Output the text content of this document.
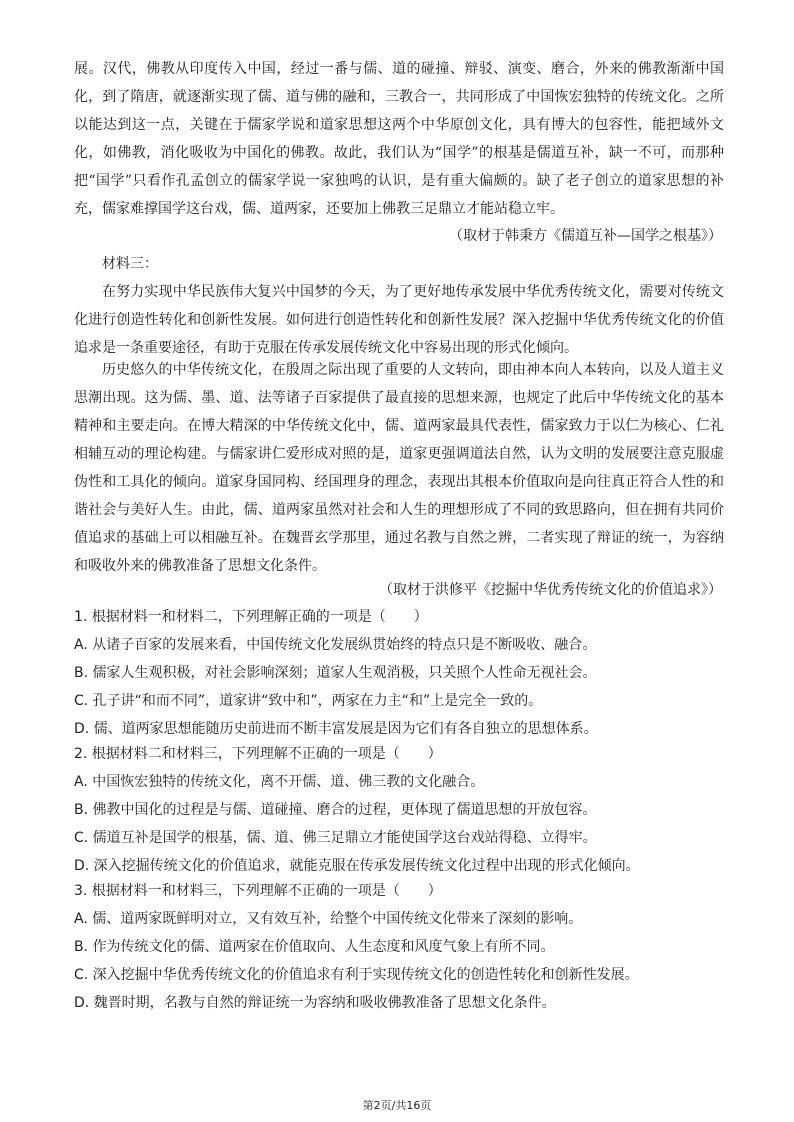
展。汉代，佛教从印度传入中国，经过一番与儒、道的碰撞、辩驳、演变、磨合，外来的佛教渐渐中国化，到了隋唐，就逐渐实现了儒、道与佛的融和，三教合一，共同形成了中国恢宏独特的传统文化。之所以能达到这一点，关键在于儒家学说和道家思想这两个中华原创文化，具有博大的包容性，能把域外文化，如佛教，消化吸收为中国化的佛教。故此，我们认为“国学”的根基是儒道互补，缺一不可，而那种把“国学”只看作孔孟创立的儒家学说一家独鸣的认识，是有重大偏颇的。缺了老子创立的道家思想的补充，儒家难撑国学这台戏，儒、道两家，还要加上佛教三足鼎立才能站稳立牢。

（取材于韩秉方《儒道互补—国学之根基》）

材料三：

在努力实现中华民族伟大复兴中国梦的今天，为了更好地传承发展中华优秀传统文化，需要对传统文化进行创造性转化和创新性发展。如何进行创造性转化和创新性发展？深入挖掘中华优秀传统文化的价值追求是一条重要途径，有助于克服在传承发展传统文化中容易出现的形式化倾向。

历史悠久的中华传统文化，在殷周之际出现了重要的人文转向，即由神本向人本转向，以及人道主义思潮出现。这为儒、墨、道、法等诸子百家提供了最直接的思想来源，也规定了此后中华传统文化的基本精神和主要走向。在博大精深的中华传统文化中，儒、道两家最具代表性，儒家致力于以仁为核心、仁礼相辅互动的理论构建。与儒家讲仁爱形成对照的是，道家更强调道法自然，认为文明的发展要注意克服虚伪性和工具化的倾向。道家身国同构、经国理身的理念，表现出其根本价值取向是向往真正符合人性的和谐社会与美好人生。由此，儒、道两家虽然对社会和人生的理想形成了不同的致思路向，但在拥有共同价值追求的基础上可以相融互补。在魏晋玄学那里，通过名教与自然之辨，二者实现了辩证的统一，为容纳和吸收外来的佛教准备了思想文化条件。

（取材于洪修平《挖掘中华优秀传统文化的价值追求》）

1. 根据材料一和材料二，下列理解正确的一项是（　　）

A. 从诸子百家的发展来看，中国传统文化发展纵贯始终的特点只是不断吸收、融合。

B. 儒家人生观积极，对社会影响深刻；道家人生观消极，只关照个人性命无视社会。

C. 孔子讲“和而不同”，道家讲“致中和”，两家在力主“和”上是完全一致的。

D. 儒、道两家思想能随历史前进而不断丰富发展是因为它们有各自独立的思想体系。

2. 根据材料二和材料三，下列理解不正确的一项是（　　）

A. 中国恢宏独特的传统文化，离不开儒、道、佛三教的文化融合。

B. 佛教中国化的过程是与儒、道碰撞、磨合的过程，更体现了儒道思想的开放包容。

C. 儒道互补是国学的根基，儒、道、佛三足鼎立才能使国学这台戏站得稳、立得牢。

D. 深入挖掘传统文化的价值追求，就能克服在传承发展传统文化过程中出现的形式化倾向。

3. 根据材料一和材料三，下列理解不正确的一项是（　　）

A. 儒、道两家既鲜明对立，又有效互补，给整个中国传统文化带来了深刻的影响。

B. 作为传统文化的儒、道两家在价值取向、人生态度和风度气象上有所不同。

C. 深入挖掘中华优秀传统文化的价值追求有利于实现传统文化的创造性转化和创新性发展。

D. 魏晋时期，名教与自然的辩证统一为容纳和吸收佛教准备了思想文化条件。

第2页/共16页
